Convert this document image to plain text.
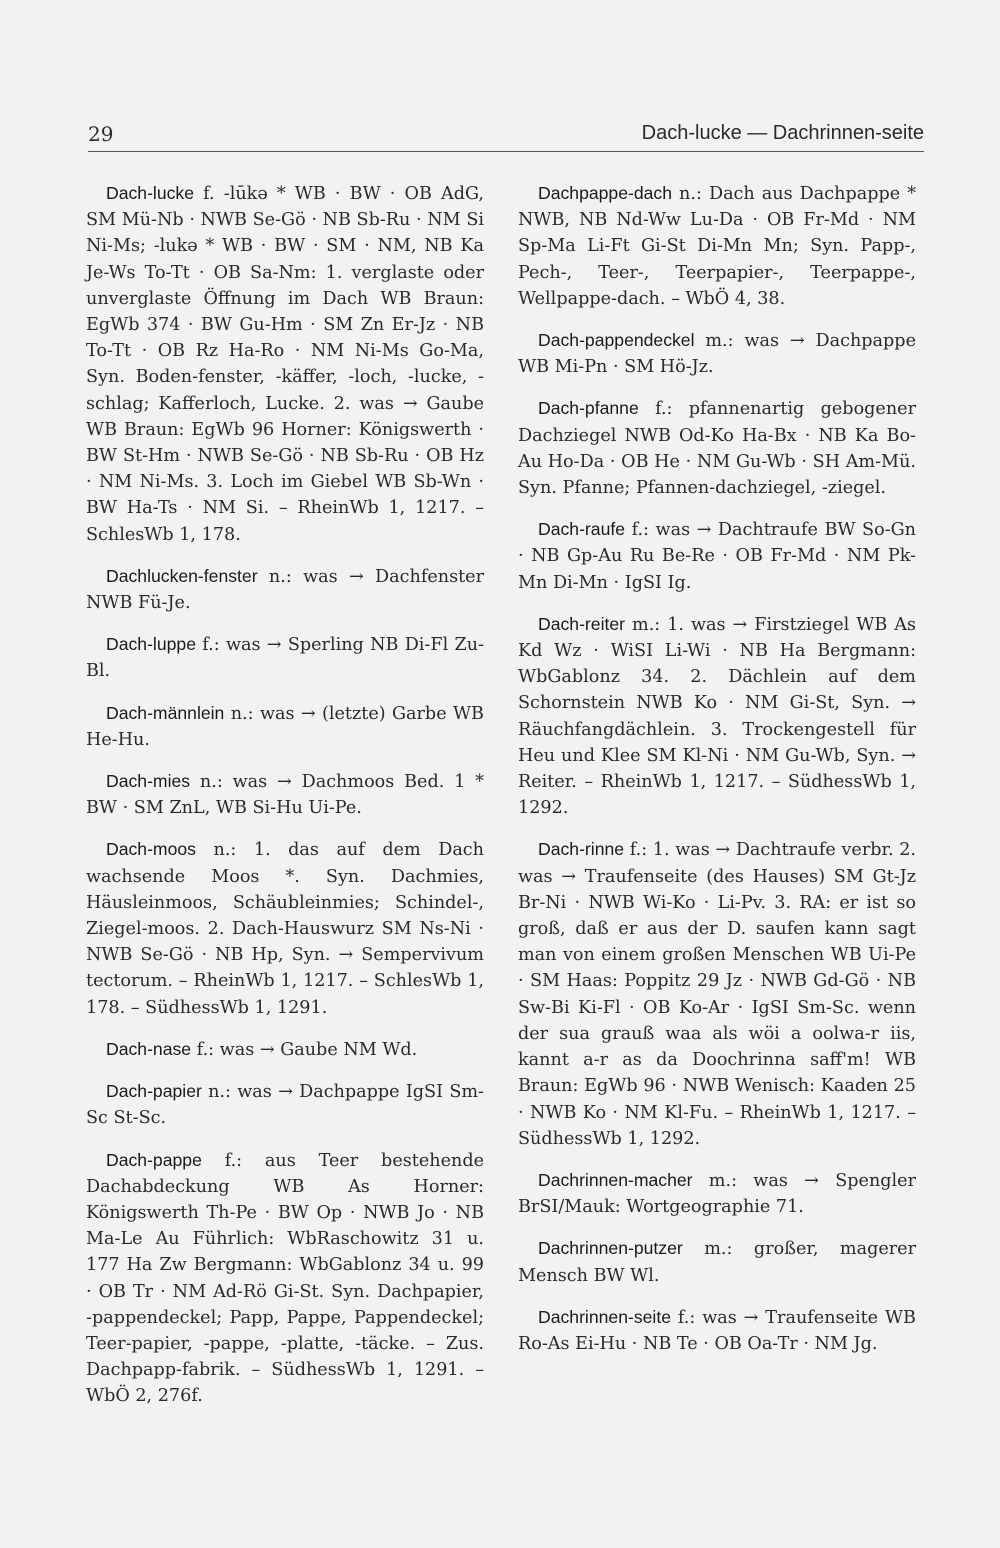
29	Dach-lucke — Dachrinnen-seite

Dach-lucke f. -lūkə * WB · BW · OB AdG, SM Mü-Nb · NWB Se-Gö · NB Sb-Ru · NM Si Ni-Ms; -lukə * WB · BW · SM · NM, NB Ka Je-Ws To-Tt · OB Sa-Nm: 1. verglaste oder unverglaste Öffnung im Dach WB Braun: EgWb 374 · BW Gu-Hm · SM Zn Er-Jz · NB To-Tt · OB Rz Ha-Ro · NM Ni-Ms Go-Ma, Syn. Boden-fenster, -käffer, -loch, -lucke, -schlag; Kafferloch, Lucke. 2. was → Gaube WB Braun: EgWb 96 Horner: Königswerth · BW St-Hm · NWB Se-Gö · NB Sb-Ru · OB Hz · NM Ni-Ms. 3. Loch im Giebel WB Sb-Wn · BW Ha-Ts · NM Si. – RheinWb 1, 1217. – SchlesWb 1, 178.

Dachlucken-fenster n.: was → Dachfenster NWB Fü-Je.

Dach-luppe f.: was → Sperling NB Di-Fl Zu-Bl.

Dach-männlein n.: was → (letzte) Garbe WB He-Hu.

Dach-mies n.: was → Dachmoos Bed. 1 * BW · SM ZnL, WB Si-Hu Ui-Pe.

Dach-moos n.: 1. das auf dem Dach wachsende Moos *. Syn. Dachmies, Häusleinmoos, Schäubleinmies; Schindel-, Ziegel-moos. 2. Dach-Hauswurz SM Ns-Ni · NWB Se-Gö · NB Hp, Syn. → Sempervivum tectorum. – RheinWb 1, 1217. – SchlesWb 1, 178. – SüdhessWb 1, 1291.

Dach-nase f.: was → Gaube NM Wd.

Dach-papier n.: was → Dachpappe IgSI Sm-Sc St-Sc.

Dach-pappe f.: aus Teer bestehende Dachabdeckung WB As Horner: Königswerth Th-Pe · BW Op · NWB Jo · NB Ma-Le Au Führlich: WbRaschowitz 31 u. 177 Ha Zw Bergmann: WbGablonz 34 u. 99 · OB Tr · NM Ad-Rö Gi-St. Syn. Dachpapier, -pappendeckel; Papp, Pappe, Pappendeckel; Teer-papier, -pappe, -platte, -täcke. – Zus. Dachpapp-fabrik. – SüdhessWb 1, 1291. – WbÖ 2, 276f.

Dachpappe-dach n.: Dach aus Dachpappe * NWB, NB Nd-Ww Lu-Da · OB Fr-Md · NM Sp-Ma Li-Ft Gi-St Di-Mn Mn; Syn. Papp-, Pech-, Teer-, Teerpapier-, Teerpappe-, Wellpappe-dach. – WbÖ 4, 38.

Dach-pappendeckel m.: was → Dachpappe WB Mi-Pn · SM Hö-Jz.

Dach-pfanne f.: pfannenartig gebogener Dachziegel NWB Od-Ko Ha-Bx · NB Ka Bo-Au Ho-Da · OB He · NM Gu-Wb · SH Am-Mü. Syn. Pfanne; Pfannen-dachziegel, -ziegel.

Dach-raufe f.: was → Dachtraufe BW So-Gn · NB Gp-Au Ru Be-Re · OB Fr-Md · NM Pk-Mn Di-Mn · IgSI Ig.

Dach-reiter m.: 1. was → Firstziegel WB As Kd Wz · WiSI Li-Wi · NB Ha Bergmann: WbGablonz 34. 2. Dächlein auf dem Schornstein NWB Ko · NM Gi-St, Syn. → Räuchfangdächlein. 3. Trockengestell für Heu und Klee SM Kl-Ni · NM Gu-Wb, Syn. → Reiter. – RheinWb 1, 1217. – SüdhessWb 1, 1292.

Dach-rinne f.: 1. was → Dachtraufe verbr. 2. was → Traufenseite (des Hauses) SM Gt-Jz Br-Ni · NWB Wi-Ko · Li-Pv. 3. RA: er ist so groß, daß er aus der D. saufen kann sagt man von einem großen Menschen WB Ui-Pe · SM Haas: Poppitz 29 Jz · NWB Gd-Gö · NB Sw-Bi Ki-Fl · OB Ko-Ar · IgSI Sm-Sc. wenn der sua grauß waa als wöi a oolwa-r iis, kannt a-r as da Doochrinna saff'm! WB Braun: EgWb 96 · NWB Wenisch: Kaaden 25 · NWB Ko · NM Kl-Fu. – RheinWb 1, 1217. – SüdhessWb 1, 1292.

Dachrinnen-macher m.: was → Spengler BrSI/Mauk: Wortgeographie 71.

Dachrinnen-putzer m.: großer, magerer Mensch BW Wl.

Dachrinnen-seite f.: was → Traufenseite WB Ro-As Ei-Hu · NB Te · OB Oa-Tr · NM Jg.
